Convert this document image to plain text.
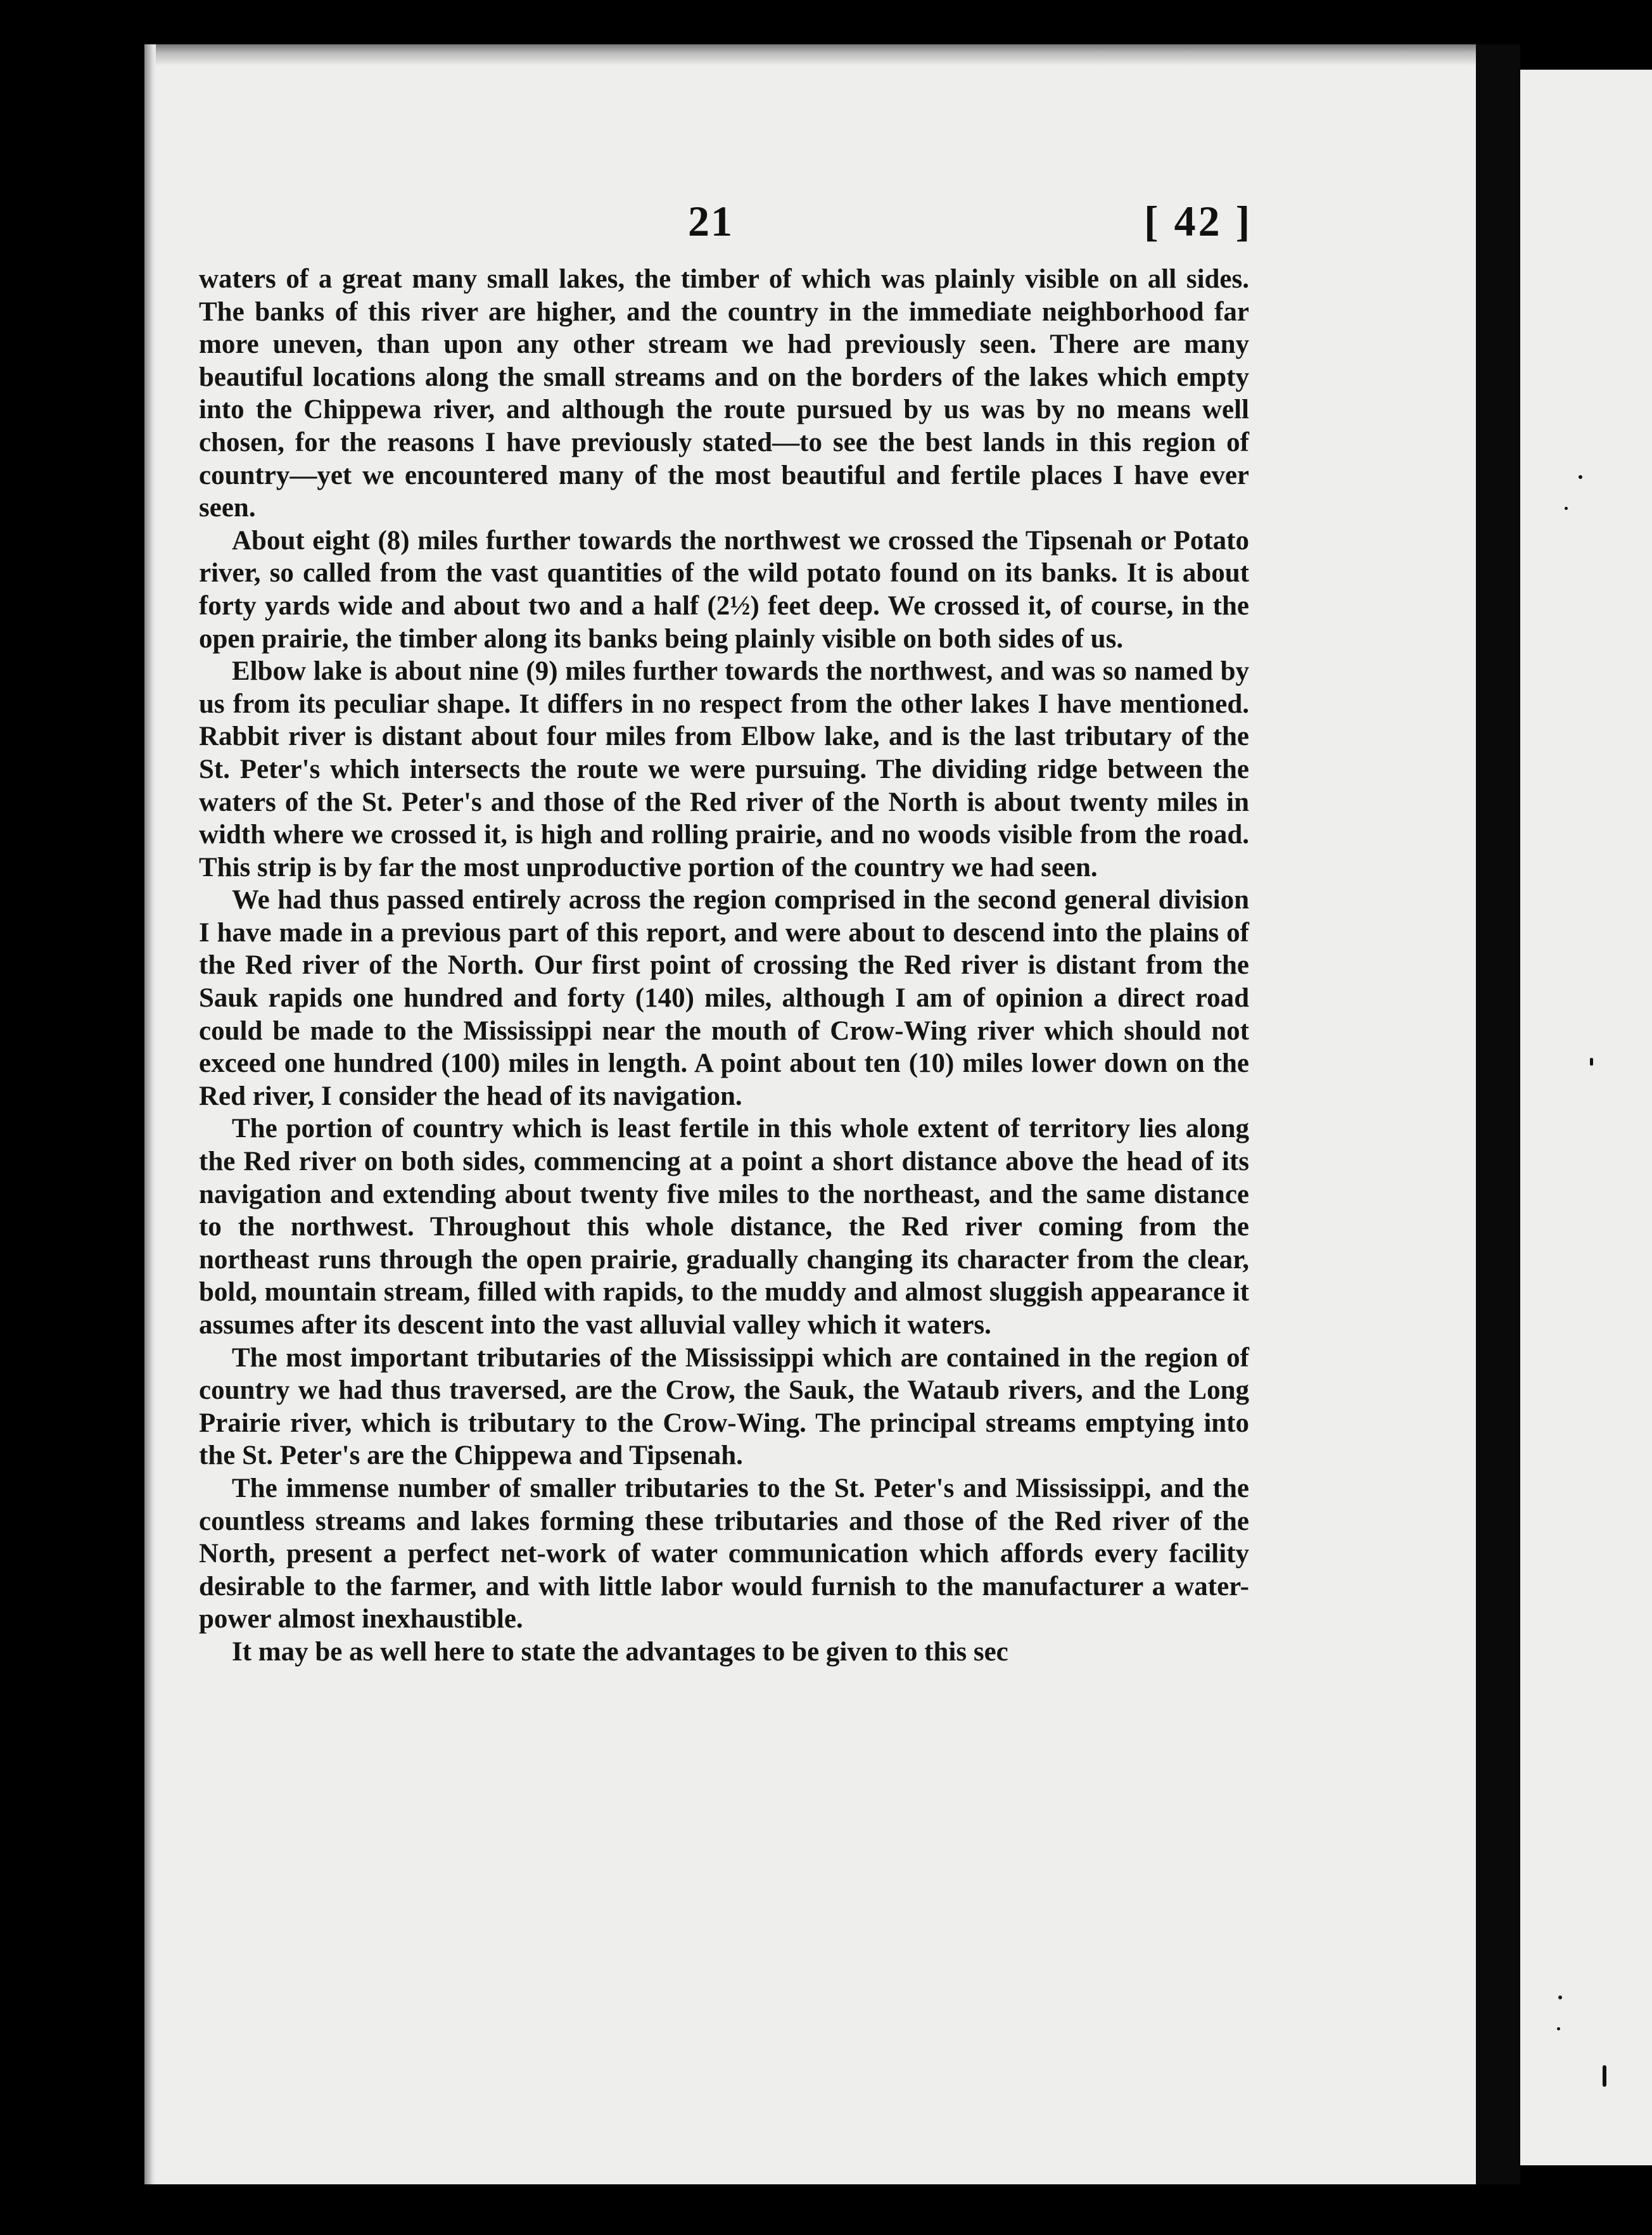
21	[ 42 ]

waters of a great many small lakes, the timber of which was plainly visible on all sides. The banks of this river are higher, and the country in the immediate neighborhood far more uneven, than upon any other stream we had previously seen. There are many beautiful locations along the small streams and on the borders of the lakes which empty into the Chippewa river, and although the route pursued by us was by no means well chosen, for the reasons I have previously stated—to see the best lands in this region of country—yet we encountered many of the most beautiful and fertile places I have ever seen.

About eight (8) miles further towards the northwest we crossed the Tipsenah or Potato river, so called from the vast quantities of the wild potato found on its banks. It is about forty yards wide and about two and a half (2½) feet deep. We crossed it, of course, in the open prairie, the timber along its banks being plainly visible on both sides of us.

Elbow lake is about nine (9) miles further towards the northwest, and was so named by us from its peculiar shape. It differs in no respect from the other lakes I have mentioned. Rabbit river is distant about four miles from Elbow lake, and is the last tributary of the St. Peter's which intersects the route we were pursuing. The dividing ridge between the waters of the St. Peter's and those of the Red river of the North is about twenty miles in width where we crossed it, is high and rolling prairie, and no woods visible from the road. This strip is by far the most unproductive portion of the country we had seen.

We had thus passed entirely across the region comprised in the second general division I have made in a previous part of this report, and were about to descend into the plains of the Red river of the North. Our first point of crossing the Red river is distant from the Sauk rapids one hundred and forty (140) miles, although I am of opinion a direct road could be made to the Mississippi near the mouth of Crow-Wing river which should not exceed one hundred (100) miles in length. A point about ten (10) miles lower down on the Red river, I consider the head of its navigation.

The portion of country which is least fertile in this whole extent of territory lies along the Red river on both sides, commencing at a point a short distance above the head of its navigation and extending about twenty five miles to the northeast, and the same distance to the northwest. Throughout this whole distance, the Red river coming from the northeast runs through the open prairie, gradually changing its character from the clear, bold, mountain stream, filled with rapids, to the muddy and almost sluggish appearance it assumes after its descent into the vast alluvial valley which it waters.

The most important tributaries of the Mississippi which are contained in the region of country we had thus traversed, are the Crow, the Sauk, the Wataub rivers, and the Long Prairie river, which is tributary to the Crow-Wing. The principal streams emptying into the St. Peter's are the Chippewa and Tipsenah.

The immense number of smaller tributaries to the St. Peter's and Mississippi, and the countless streams and lakes forming these tributaries and those of the Red river of the North, present a perfect net-work of water communication which affords every facility desirable to the farmer, and with little labor would furnish to the manufacturer a water-power almost inexhaustible.

It may be as well here to state the advantages to be given to this sec
